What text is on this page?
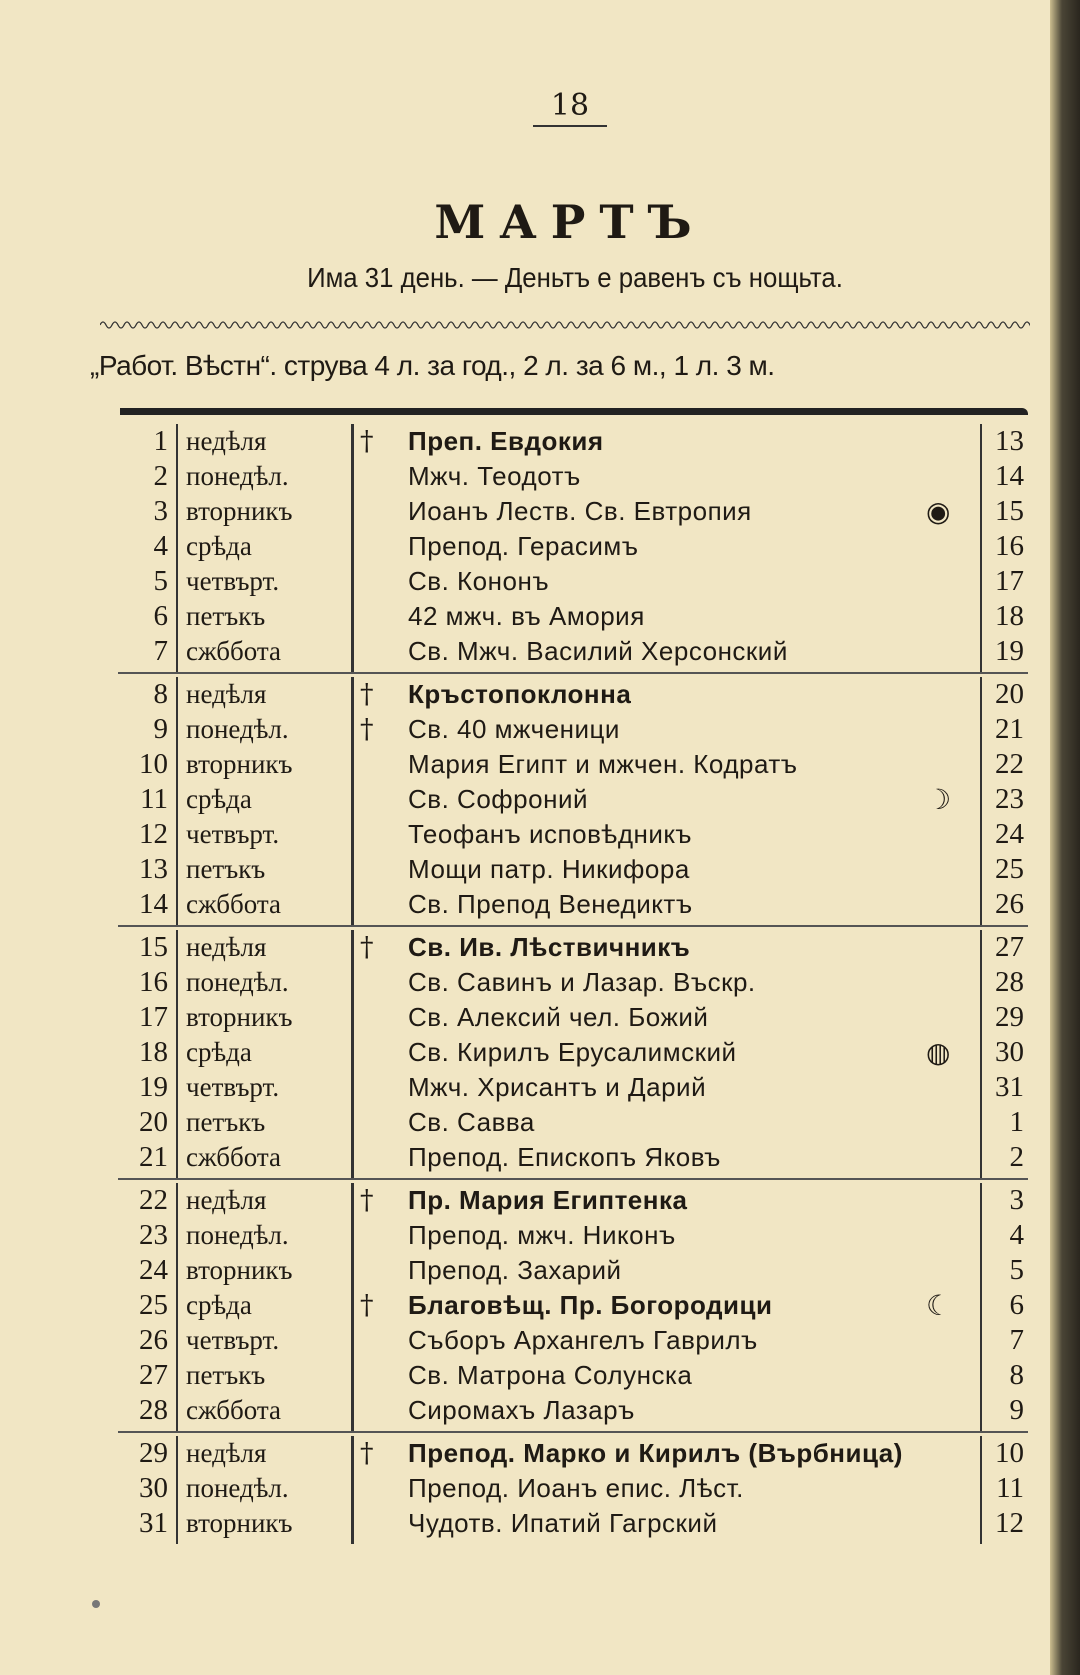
18
МАРТЪ
Има 31 день. — Деньтъ е равенъ съ нощьта.
„Работ. Вѣстн“. струва 4 л. за год., 2 л. за 6 м., 1 л. 3 м.
1 недѣля	† Преп. Евдокия	13
2 понедѣл.	Мжч. Теодотъ	14
3 вторникъ	Иоанъ Леств. Св. Евтропия	◉ 15
4 срѣда	Препод. Герасимъ	16
5 четвърт.	Св. Кононъ	17
6 петъкъ	42 мжч. въ Амория	18
7 сжббота	Св. Мжч. Василий Херсонский	19
8 недѣля	† Кръстопоклонна	20
9 понедѣл.	† Св. 40 мжченици	21
10 вторникъ	Мария Египт и мжчен. Кодратъ	22
11 срѣда	Св. Софроний	☽ 23
12 четвърт.	Теофанъ исповѣдникъ	24
13 петъкъ	Мощи патр. Никифора	25
14 сжббота	Св. Препод Венедиктъ	26
15 недѣля	† Св. Ив. Лѣствичникъ	27
16 понедѣл.	Св. Савинъ и Лазар. Въскр.	28
17 вторникъ	Св. Алексий чел. Божий	29
18 срѣда	Св. Кирилъ Ерусалимский	◍ 30
19 четвърт.	Мжч. Хрисантъ и Дарий	31
20 петъкъ	Св. Савва	1
21 сжббота	Препод. Епископъ Яковъ	2
22 недѣля	† Пр. Мария Египтенка	3
23 понедѣл.	Препод. мжч. Никонъ	4
24 вторникъ	Препод. Захарий	5
25 срѣда	† Благовѣщ. Пр. Богородици	☾ 6
26 четвърт.	Съборъ Архангелъ Гаврилъ	7
27 петъкъ	Св. Матрона Солунска	8
28 сжббота	Сиромахъ Лазаръ	9
29 недѣля	† Препод. Марко и Кирилъ (Върбница)	10
30 понедѣл.	Препод. Иоанъ епис. Лѣст.	11
31 вторникъ	Чудотв. Ипатий Гагрский	12
